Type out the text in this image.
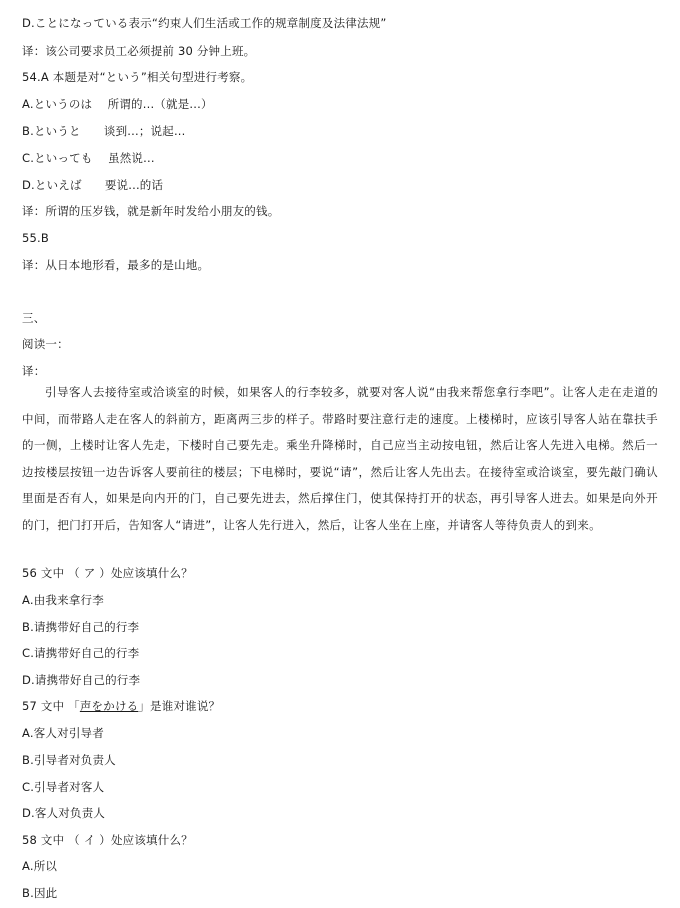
D.ことになっている表示“约束人们生活或工作的规章制度及法律法规”
译：该公司要求员工必须提前 30 分钟上班。
54.A 本题是对“という”相关句型进行考察。
A.というのは    所谓的...（就是...）
B.というと      谈到...；说起...
C.といっても    虽然说...
D.といえば      要说...的话
译：所谓的压岁钱，就是新年时发给小朋友的钱。
55.B
译：从日本地形看，最多的是山地。
三、
阅读一：
译：
引导客人去接待室或洽谈室的时候，如果客人的行李较多，就要对客人说“由我来帮您拿行李吧”。让客人走在走道的中间，而带路人走在客人的斜前方，距离两三步的样子。带路时要注意行走的速度。上楼梯时，应该引导客人站在靠扶手的一侧，上楼时让客人先走，下楼时自己要先走。乘坐升降梯时，自己应当主动按电钮，然后让客人先进入电梯。然后一边按楼层按钮一边告诉客人要前往的楼层；下电梯时，要说“请”，然后让客人先出去。在接待室或洽谈室，要先敲门确认里面是否有人，如果是向内开的门，自己要先进去，然后撑住门，使其保持打开的状态，再引导客人进去。如果是向外开的门，把门打开后，告知客人“请进”，让客人先行进入，然后，让客人坐在上座，并请客人等待负责人的到来。
56 文中 （ ア ）处应该填什么？
A.由我来拿行李
B.请携带好自己的行李
C.请携带好自己的行李
D.请携带好自己的行李
57 文中 「声をかける」是谁对谁说？
A.客人对引导者
B.引导者对负责人
C.引导者对客人
D.客人对负责人
58 文中 （ イ ）处应该填什么？
A.所以
B.因此
